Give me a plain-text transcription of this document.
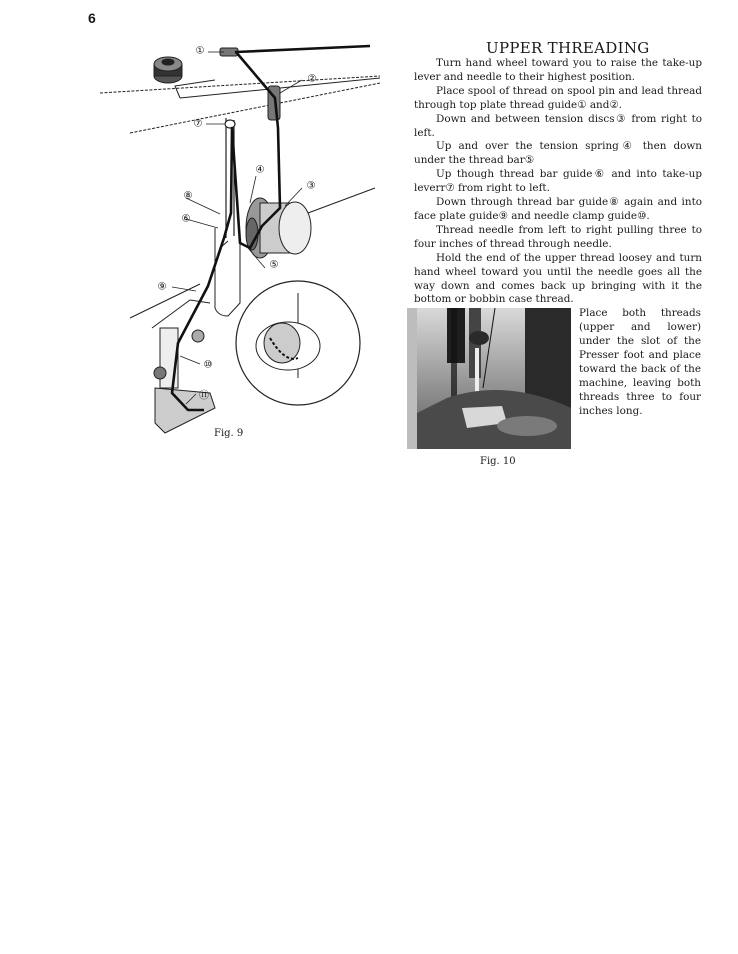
6
①
②
③
④
⑤
⑥
⑦
⑧
⑨
⑩
⑪
Fig. 9
UPPER THREADING

Turn hand wheel toward you to raise the take-up lever and needle to their highest position.

Place spool of thread on spool pin and lead thread through top plate thread guide① and②.

Down and between tension discs③ from right to left.

Up and over the tension spring④ then down under the thread bar⑤

Up though thread bar guide⑥ and into take-up leverr⑦ from right to left.

Down through thread bar guide⑧ again and into face plate guide⑨ and needle clamp guide⑩.

Thread needle from left to right pulling three to four inches of thread through needle.

Hold the end of the upper thread loosey and turn hand wheel toward you until the needle goes all the way down and comes back up bringing with it the bottom or bobbin case thread.

Place both threads (upper and lower) under the slot of the Presser foot and place toward the back of the machine, leaving both threads three to four inches long.

Fig. 10
